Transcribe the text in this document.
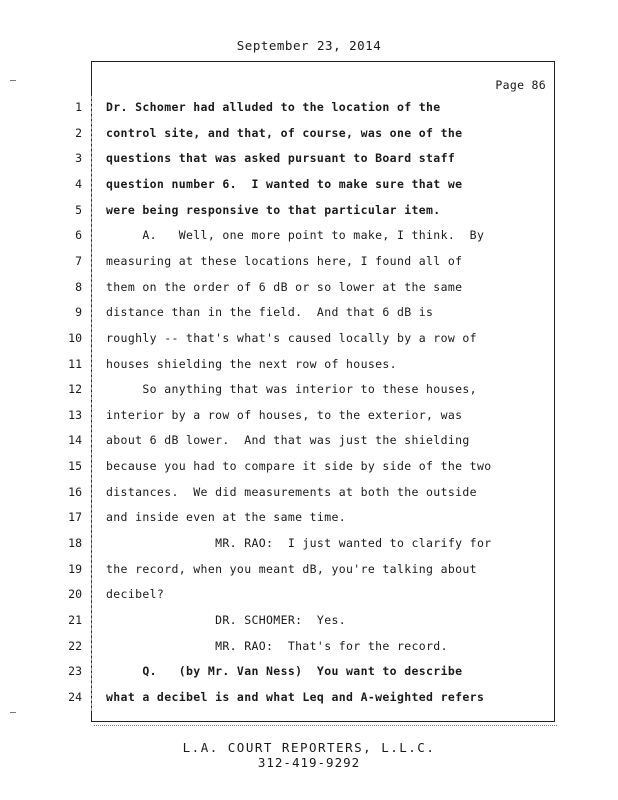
September 23, 2014
Page 86
1 Dr. Schomer had alluded to the location of the
2 control site, and that, of course, was one of the
3 questions that was asked pursuant to Board staff
4 question number 6.  I wanted to make sure that we
5 were being responsive to that particular item.
6 A.   Well, one more point to make, I think.  By
7 measuring at these locations here, I found all of
8 them on the order of 6 dB or so lower at the same
9 distance than in the field.  And that 6 dB is
10 roughly -- that's what's caused locally by a row of
11 houses shielding the next row of houses.
12 So anything that was interior to these houses,
13 interior by a row of houses, to the exterior, was
14 about 6 dB lower.  And that was just the shielding
15 because you had to compare it side by side of the two
16 distances.  We did measurements at both the outside
17 and inside even at the same time.
18 MR. RAO:  I just wanted to clarify for
19 the record, when you meant dB, you're talking about
20 decibel?
21 DR. SCHOMER:  Yes.
22 MR. RAO:  That's for the record.
23 Q.   (by Mr. Van Ness)  You want to describe
24 what a decibel is and what Leq and A-weighted refers
L.A. COURT REPORTERS, L.L.C.
312-419-9292
